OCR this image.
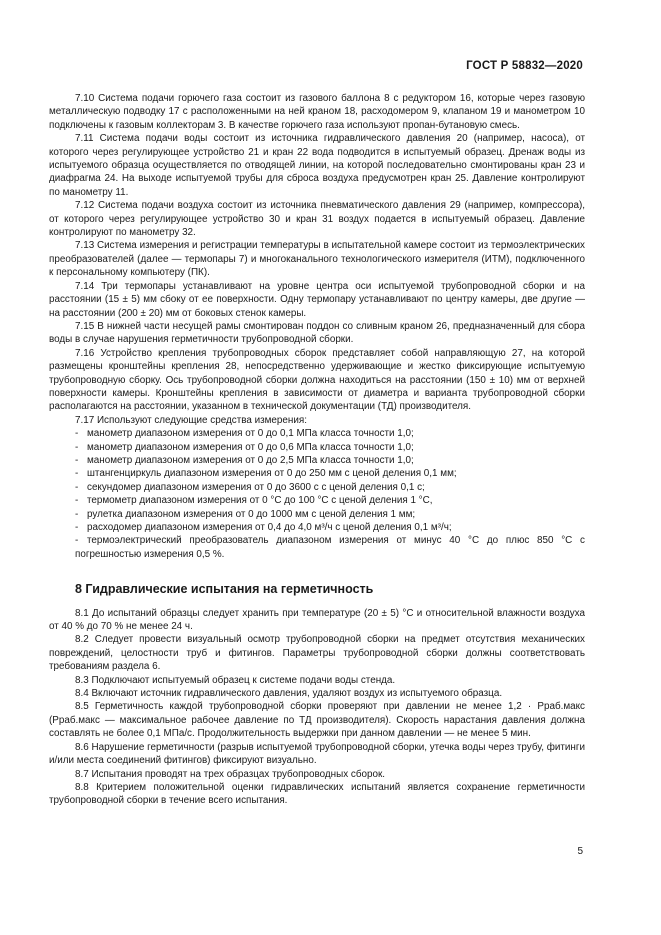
ГОСТ Р 58832—2020

7.10 Система подачи горючего газа состоит из газового баллона 8 с редуктором 16, которые через газовую металлическую подводку 17 с расположенными на ней краном 18, расходомером 9, клапаном 19 и манометром 10 подключены к газовым коллекторам 3. В качестве горючего газа используют пропан-бутановую смесь.

7.11 Система подачи воды состоит из источника гидравлического давления 20 (например, насоса), от которого через регулирующее устройство 21 и кран 22 вода подводится в испытуемый образец. Дренаж воды из испытуемого образца осуществляется по отводящей линии, на которой последовательно смонтированы кран 23 и диафрагма 24. На выходе испытуемой трубы для сброса воздуха предусмотрен кран 25. Давление контролируют по манометру 11.

7.12 Система подачи воздуха состоит из источника пневматического давления 29 (например, компрессора), от которого через регулирующее устройство 30 и кран 31 воздух подается в испытуемый образец. Давление контролируют по манометру 32.

7.13 Система измерения и регистрации температуры в испытательной камере состоит из термоэлектрических преобразователей (далее — термопары 7) и многоканального технологического измерителя (ИТМ), подключенного к персональному компьютеру (ПК).

7.14 Три термопары устанавливают на уровне центра оси испытуемой трубопроводной сборки и на расстоянии (15 ± 5) мм сбоку от ее поверхности. Одну термопару устанавливают по центру камеры, две другие — на расстоянии (200 ± 20) мм от боковых стенок камеры.

7.15 В нижней части несущей рамы смонтирован поддон со сливным краном 26, предназначенный для сбора воды в случае нарушения герметичности трубопроводной сборки.

7.16 Устройство крепления трубопроводных сборок представляет собой направляющую 27, на которой размещены кронштейны крепления 28, непосредственно удерживающие и жестко фиксирующие испытуемую трубопроводную сборку. Ось трубопроводной сборки должна находиться на расстоянии (150 ± 10) мм от верхней поверхности камеры. Кронштейны крепления в зависимости от диаметра и варианта трубопроводной сборки располагаются на расстоянии, указанном в технической документации (ТД) производителя.

7.17 Используют следующие средства измерения:

- манометр диапазоном измерения от 0 до 0,1 МПа класса точности 1,0;
- манометр диапазоном измерения от 0 до 0,6 МПа класса точности 1,0;
- манометр диапазоном измерения от 0 до 2,5 МПа класса точности 1,0;
- штангенциркуль диапазоном измерения от 0 до 250 мм с ценой деления 0,1 мм;
- секундомер диапазоном измерения от 0 до 3600 с с ценой деления 0,1 с;
- термометр диапазоном измерения от 0 °С до 100 °С с ценой деления 1 °С,
- рулетка диапазоном измерения от 0 до 1000 мм с ценой деления 1 мм;
- расходомер диапазоном измерения от 0,4 до 4,0 м³/ч с ценой деления 0,1 м³/ч;
- термоэлектрический преобразователь диапазоном измерения от минус 40 °С до плюс 850 °С с погрешностью измерения 0,5 %.
8 Гидравлические испытания на герметичность

8.1 До испытаний образцы следует хранить при температуре (20 ± 5) °С и относительной влажности воздуха от 40 % до 70 % не менее 24 ч.

8.2 Следует провести визуальный осмотр трубопроводной сборки на предмет отсутствия механических повреждений, целостности труб и фитингов. Параметры трубопроводной сборки должны соответствовать требованиям раздела 6.

8.3 Подключают испытуемый образец к системе подачи воды стенда.

8.4 Включают источник гидравлического давления, удаляют воздух из испытуемого образца.

8.5 Герметичность каждой трубопроводной сборки проверяют при давлении не менее 1,2 · Pраб.макс (Pраб.макс — максимальное рабочее давление по ТД производителя). Скорость нарастания давления должна составлять не более 0,1 МПа/с. Продолжительность выдержки при данном давлении — не менее 5 мин.

8.6 Нарушение герметичности (разрыв испытуемой трубопроводной сборки, утечка воды через трубу, фитинги и/или места соединений фитингов) фиксируют визуально.

8.7 Испытания проводят на трех образцах трубопроводных сборок.

8.8 Критерием положительной оценки гидравлических испытаний является сохранение герметичности трубопроводной сборки в течение всего испытания.

5
